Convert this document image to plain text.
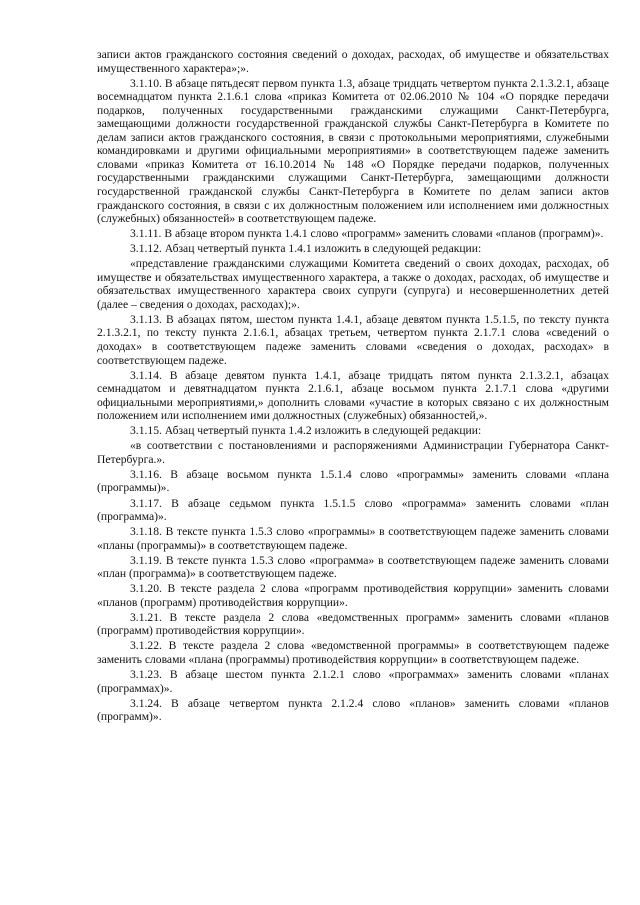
записи актов гражданского состояния сведений о доходах, расходах, об имуществе и обязательствах имущественного характера»;».

3.1.10. В абзаце пятьдесят первом пункта 1.3, абзаце тридцать четвертом пункта 2.1.3.2.1, абзаце восемнадцатом пункта 2.1.6.1 слова «приказ Комитета от 02.06.2010 № 104 «О порядке передачи подарков, полученных государственными гражданскими служащими Санкт-Петербурга, замещающими должности государственной гражданской службы Санкт-Петербурга в Комитете по делам записи актов гражданского состояния, в связи с протокольными мероприятиями, служебными командировками и другими официальными мероприятиями» в соответствующем падеже заменить словами «приказ Комитета от 16.10.2014 № 148 «О Порядке передачи подарков, полученных государственными гражданскими служащими Санкт-Петербурга, замещающими должности государственной гражданской службы Санкт-Петербурга в Комитете по делам записи актов гражданского состояния, в связи с их должностным положением или исполнением ими должностных (служебных) обязанностей» в соответствующем падеже.

3.1.11. В абзаце втором пункта 1.4.1 слово «программ» заменить словами «планов (программ)».

3.1.12. Абзац четвертый пункта 1.4.1 изложить в следующей редакции:

«представление гражданскими служащими Комитета сведений о своих доходах, расходах, об имуществе и обязательствах имущественного характера, а также о доходах, расходах, об имуществе и обязательствах имущественного характера своих супруги (супруга) и несовершеннолетних детей (далее – сведения о доходах, расходах);».

3.1.13. В абзацах пятом, шестом пункта 1.4.1, абзаце девятом пункта 1.5.1.5, по тексту пункта 2.1.3.2.1, по тексту пункта 2.1.6.1, абзацах третьем, четвертом пункта 2.1.7.1 слова «сведений о доходах» в соответствующем падеже заменить словами «сведения о доходах, расходах» в соответствующем падеже.

3.1.14. В абзаце девятом пункта 1.4.1, абзаце тридцать пятом пункта 2.1.3.2.1, абзацах семнадцатом и девятнадцатом пункта 2.1.6.1, абзаце восьмом пункта 2.1.7.1 слова «другими официальными мероприятиями,» дополнить словами «участие в которых связано с их должностным положением или исполнением ими должностных (служебных) обязанностей,».

3.1.15. Абзац четвертый пункта 1.4.2 изложить в следующей редакции:

«в соответствии с постановлениями и распоряжениями Администрации Губернатора Санкт-Петербурга.».

3.1.16. В абзаце восьмом пункта 1.5.1.4 слово «программы» заменить словами «плана (программы)».

3.1.17. В абзаце седьмом пункта 1.5.1.5 слово «программа» заменить словами «план (программа)».

3.1.18. В тексте пункта 1.5.3 слово «программы» в соответствующем падеже заменить словами «планы (программы)» в соответствующем падеже.

3.1.19. В тексте пункта 1.5.3 слово «программа» в соответствующем падеже заменить словами «план (программа)» в соответствующем падеже.

3.1.20. В тексте раздела 2 слова «программ противодействия коррупции» заменить словами «планов (программ) противодействия коррупции».

3.1.21. В тексте раздела 2 слова «ведомственных программ» заменить словами «планов (программ) противодействия коррупции».

3.1.22. В тексте раздела 2 слова «ведомственной программы» в соответствующем падеже заменить словами «плана (программы) противодействия коррупции» в соответствующем падеже.

3.1.23. В абзаце шестом пункта 2.1.2.1 слово «программах» заменить словами «планах (программах)».

3.1.24. В абзаце четвертом пункта 2.1.2.4 слово «планов» заменить словами «планов (программ)».
